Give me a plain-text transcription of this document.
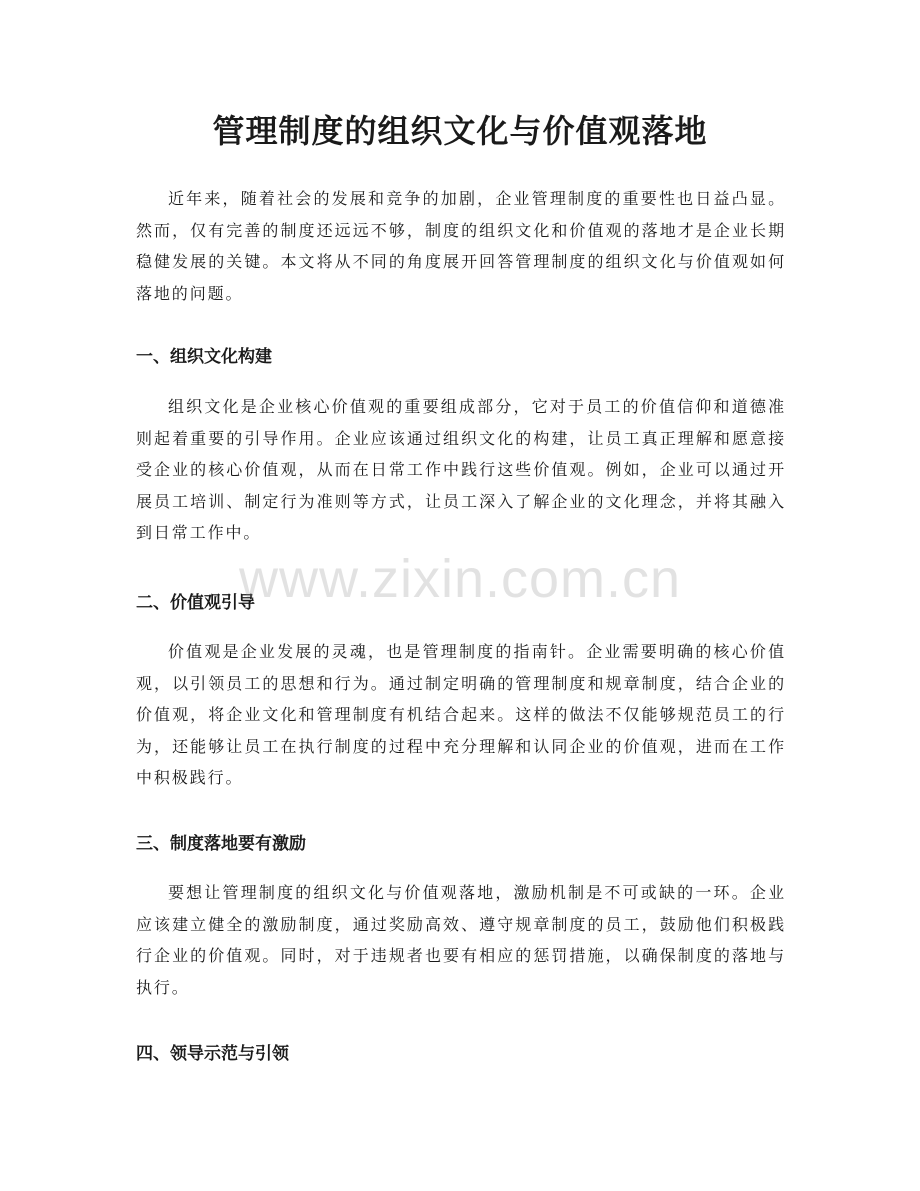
管理制度的组织文化与价值观落地

近年来，随着社会的发展和竞争的加剧，企业管理制度的重要性也日益凸显。然而，仅有完善的制度还远远不够，制度的组织文化和价值观的落地才是企业长期稳健发展的关键。本文将从不同的角度展开回答管理制度的组织文化与价值观如何落地的问题。

一、组织文化构建

组织文化是企业核心价值观的重要组成部分，它对于员工的价值信仰和道德准则起着重要的引导作用。企业应该通过组织文化的构建，让员工真正理解和愿意接受企业的核心价值观，从而在日常工作中践行这些价值观。例如，企业可以通过开展员工培训、制定行为准则等方式，让员工深入了解企业的文化理念，并将其融入到日常工作中。

二、价值观引导

价值观是企业发展的灵魂，也是管理制度的指南针。企业需要明确的核心价值观，以引领员工的思想和行为。通过制定明确的管理制度和规章制度，结合企业的价值观，将企业文化和管理制度有机结合起来。这样的做法不仅能够规范员工的行为，还能够让员工在执行制度的过程中充分理解和认同企业的价值观，进而在工作中积极践行。

三、制度落地要有激励

要想让管理制度的组织文化与价值观落地，激励机制是不可或缺的一环。企业应该建立健全的激励制度，通过奖励高效、遵守规章制度的员工，鼓励他们积极践行企业的价值观。同时，对于违规者也要有相应的惩罚措施，以确保制度的落地与执行。

四、领导示范与引领
www.zixin.com.cn
